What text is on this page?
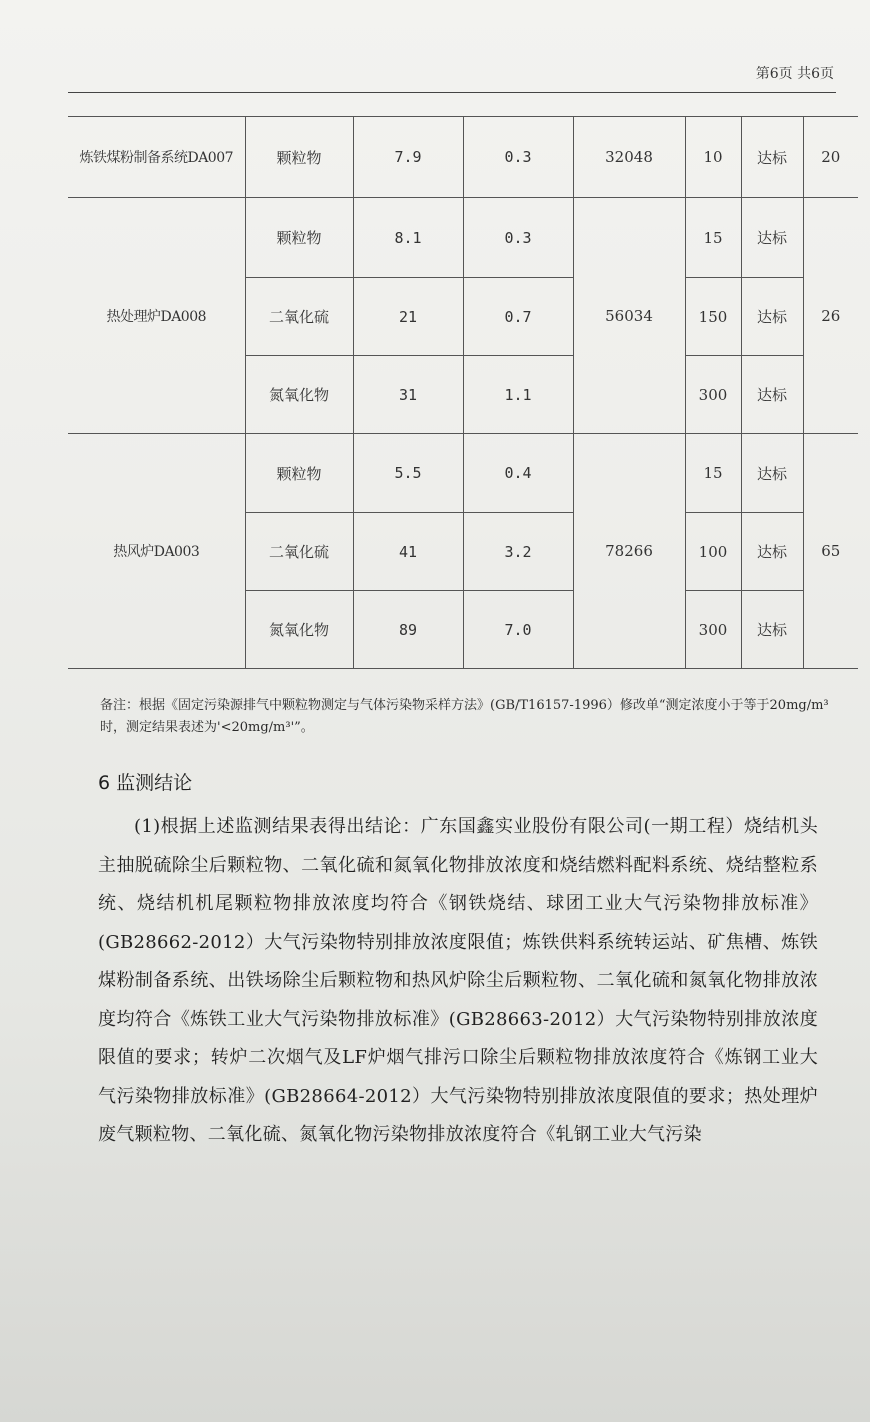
第6页 共6页
炼铁煤粉制备系统DA007	颗粒物	7.9	0.3	32048	10	达标	20
热处理炉DA008	颗粒物	8.1	0.3	56034	15	达标	26
	二氧化硫	21	0.7		150	达标	
	氮氧化物	31	1.1		300	达标	
热风炉DA003	颗粒物	5.5	0.4	78266	15	达标	65
	二氧化硫	41	3.2		100	达标	
	氮氧化物	89	7.0		300	达标	
备注：根据《固定污染源排气中颗粒物测定与气体污染物采样方法》(GB/T16157-1996）修改单“测定浓度小于等于20mg/m³时，测定结果表述为'<20mg/m³'”。
6 监测结论
(1)根据上述监测结果表得出结论：广东国鑫实业股份有限公司(一期工程）烧结机头主抽脱硫除尘后颗粒物、二氧化硫和氮氧化物排放浓度和烧结燃料配料系统、烧结整粒系统、烧结机机尾颗粒物排放浓度均符合《钢铁烧结、球团工业大气污染物排放标准》(GB28662-2012）大气污染物特别排放浓度限值；炼铁供料系统转运站、矿焦槽、炼铁煤粉制备系统、出铁场除尘后颗粒物和热风炉除尘后颗粒物、二氧化硫和氮氧化物排放浓度均符合《炼铁工业大气污染物排放标准》(GB28663-2012）大气污染物特别排放浓度限值的要求；转炉二次烟气及LF炉烟气排污口除尘后颗粒物排放浓度符合《炼钢工业大气污染物排放标准》(GB28664-2012）大气污染物特别排放浓度限值的要求；热处理炉废气颗粒物、二氧化硫、氮氧化物污染物排放浓度符合《轧钢工业大气污染
